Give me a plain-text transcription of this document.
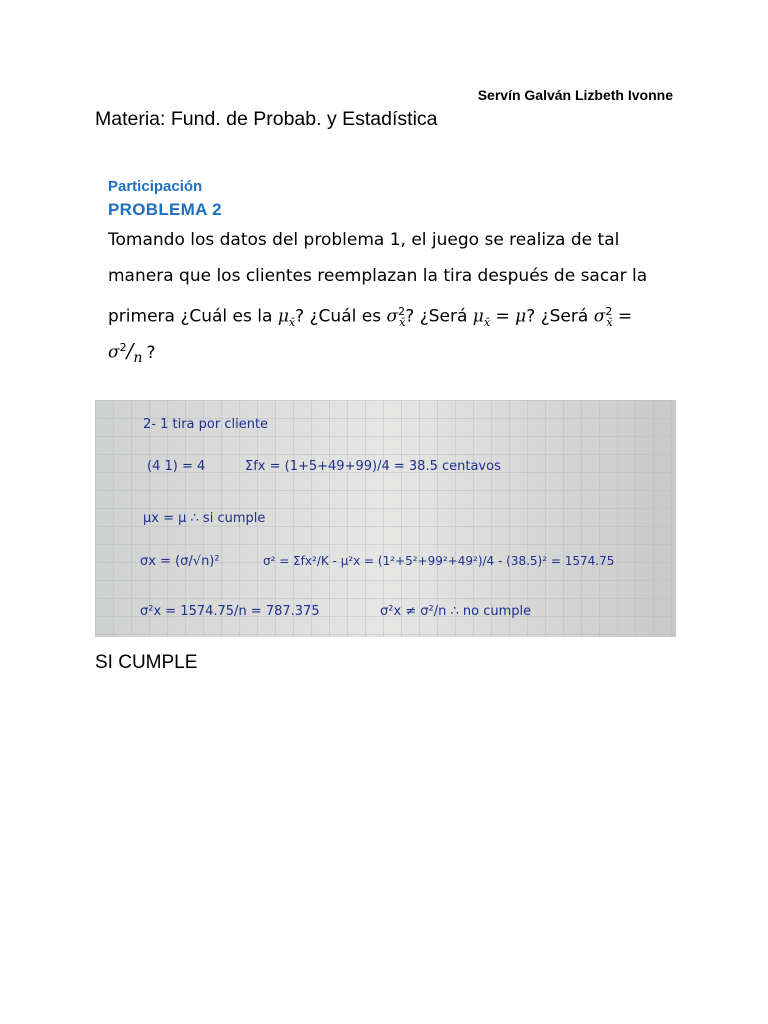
Servín Galván Lizbeth Ivonne
Materia: Fund. de Probab. y Estadística
Participación
PROBLEMA 2
Tomando los datos del problema 1, el juego se realiza de tal
manera que los clientes reemplazan la tira después de sacar la
primera ¿Cuál es la $\mu_{x̄}$? ¿Cuál es $\sigma^2_{x̄}$? ¿Será $\mu_{x̄} = \mu$? ¿Será $\sigma^2_{x̄}$ =
$\sigma^2/_n$ ?
2- 1 tira por cliente
(4 1) = 4	Σfx = (1+5+49+99)/4 = 38.5 centavos
μx = μ ∴ si cumple
σx = (σ/√n)²	σ² = Σfx²/K - μ²x = (1²+5²+99²+49²)/4 - (38.5)² = 1574.75
σ²x = 1574.75/n = 787.375	σ²x ≠ σ²/n ∴ no cumple
SI CUMPLE
